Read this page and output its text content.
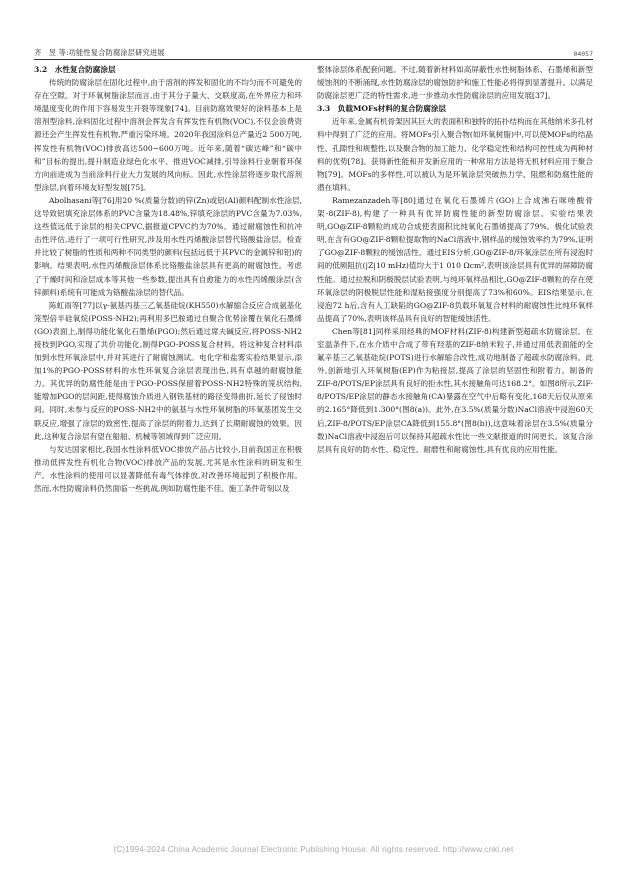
齐　昱 等:功能性复合防腐涂层研究进展	04057

3.2　水性复合防腐涂层

传统的防腐涂层在固化过程中,由于溶剂的挥发和固化的不均匀而不可避免的存在空隙。对于环氧树脂涂层而言,由于其分子量大、交联度高,在外界应力和环境温度变化的作用下容易发生开裂等现象[74]。目前防腐效果好的涂料基本上是溶剂型涂料,涂料固化过程中溶剂会挥发含有挥发性有机物(VOC),不仅会浪费资源还会产生挥发性有机物,严重污染环境。2020年我国涂料总产量近2 500万吨,挥发性有机物(VOC)排放高达500~600万吨。近年来,随着“碳达峰”和“碳中和”目标的提出,提升制造业绿色化水平、推进VOC减排,引导涂料行业朝着环保方向前进成为当前涂料行业大力发展的风向标。因此,水性涂层将逐步取代溶剂型涂层,向着环境友好型发展[75]。

Abolhasani等[76]用20 %(质量分数)的锌(Zn)或铝(Al)颜料配制水性涂层,这导致铝填充涂层体系的PVC含量为18.48%,锌填充涂层的PVC含量为7.03%,这些值远低于涂层的相关CPVC,据报道CPVC约为70%。通过耐腐蚀性和抗冲击性评估,进行了一项可行性研究,涉及用水性丙烯酸涂层替代铬酸盐涂层。检查并比较了树脂的性质和两种不同类型的颜料(包括远低于其PVC的金属锌和铝)的影响。结果表明,水性丙烯酸涂层体系比铬酸盐涂层具有更高的耐腐蚀性。考虑了干燥时间和涂层成本等其他一些参数,提出具有自愈能力的水性丙烯酸涂层(含锌颜料)系统有可能成为铬酸盐涂层的替代品。

陈虹雨等[77]以γ-氨基丙基三乙氧基硅烷(KH550)水解缩合反应合成氨基化笼型倍半硅氧烷(POSS-NH2);再利用多巴胺通过自聚合优势涂覆在氧化石墨烯(GO)表面上,制得功能化氧化石墨烯(PGO);然后通过席夫碱反应,将POSS-NH2接枝到PGO,实现了共价功能化,制得PGO-POSS复合材料。将这种复合材料添加到水性环氧涂层中,并对其进行了耐腐蚀测试。电化学和盐雾实验结果显示,添加1%的PGO-POSS材料的水性环氧复合涂层表现出色,具有卓越的耐腐蚀能力。其优异的防腐性能是由于PGO-POSS保留着POSS-NH2特殊的笼状结构,能增加PGO的层间距,使得腐蚀介质进入钢铁基材的路径变得曲折,延长了侵蚀时间。同时,未参与反应的POSS-NH2中的氨基与水性环氧树脂的环氧基团发生交联反应,增强了涂层的致密性,提高了涂层的附着力,达到了长期耐腐蚀的效果。因此,这种复合涂层有望在船舶、机械等领域得到广泛应用。

与发达国家相比,我国水性涂料低VOC排放产品占比较小,目前我国正在积极推动低挥发性有机化合物(VOC)排放产品的发展,尤其是水性涂料的研发和生产。水性涂料的使用可以显著降低有毒气体排放,对改善环境起到了积极作用。然而,水性防腐涂料仍然面临一些挑战,例如防腐性能不佳、施工条件苛刻以及

整体涂层体系配套问题。不过,随着新材料如高屏蔽性水性树脂体系、石墨烯和新型缓蚀剂的不断涌现,水性防腐涂层的腐蚀防护和施工性能必将得到显著提升。以满足防腐涂层更广泛的特性需求,进一步推动水性防腐涂层的应用发展[37]。

3.3　负载MOFs材料的复合防腐涂层

近年来,金属有机骨架因其巨大的表面积和独特的拓扑结构而在其他纳米多孔材料中得到了广泛的应用。将MOFs引入聚合物(如环氧树脂)中,可以使MOFs的结晶性、孔隙性和规整性,以及聚合物的加工能力、化学稳定性和结构可控性成为两种材料的优势[78]。获得新性能和开发新应用的一种常用方法是将无机材料应用于聚合物[79]。MOFs的多样性,可以被认为是环氧涂层突破热力学、阻燃和防腐性能的潜在填料。

Ramezanzadeh等[80]通过在氧化石墨烯片(GO)上合成沸石咪唑酸骨架-8(ZIF-8),构建了一种具有优异防腐性能的新型防腐涂层。实验结果表明,GO@ZIF-8颗粒的成功合成使表面积比纯氧化石墨烯提高了79%。极化试验表明,在含有GO@ZIF-8颗粒提取物的NaCl溶液中,钢样品的缓蚀效率约为79%,证明了GO@ZIF-8颗粒的缓蚀活性。通过EIS分析,GO@ZIF-8/环氧涂层在所有浸泡时间的低频阻抗(|Z|10 mHz)值均大于1 010 Ωcm²,表明该涂层具有优异的屏障防腐性能。通过拉脱和阴极脱层试验表明,与纯环氧样品相比,GO@ZIF-8颗粒的存在使环氧涂层的阴极脱层性能和湿粘接强度分别提高了73%和60%。EIS结果显示,在浸泡72 h后,含有人工缺陷的GO@ZIF-8负载环氧复合材料的耐腐蚀性比纯环氧样品提高了70%,表明该样品具有良好的智能缓蚀活性。

Chen等[81]同样采用经典的MOF材料(ZIF-8)构建新型超疏水防腐涂层。在室温条件下,在水介质中合成了带有羟基的ZIF-8纳米粒子,并通过用低表面能的全氟辛基三乙氧基硅烷(POTS)进行水解缩合改性,成功地制备了超疏水防腐涂料。此外,创新地引入环氧树脂(EP)作为粘接层,提高了涂层的坚固性和附着力。制备的ZIF-8/POTS/EP涂层具有良好的拒水性,其水接触角可达168.2°。如图8所示,ZIF-8/POTS/EP涂层的静态水接触角(CA)暴露在空气中后略有变化,168天后仅从原来的2.165°降低到1.300°(图8(a))。此外,在3.5%(质量分数)NaCl溶液中浸泡60天后,ZIF-8/POTS/EP涂层CA降低到155.8°(图8(b)),这意味着涂层在3.5%(质量分数)NaCl溶液中浸泡后可以保持其超疏水性比一些文献报道的时间更长。该复合涂层具有良好的防水性、稳定性、耐磨性和耐腐蚀性,具有优良的应用性能。

(C)1994-2024 China Academic Journal Electronic Publishing House. All rights reserved. http://www.cnki.net
